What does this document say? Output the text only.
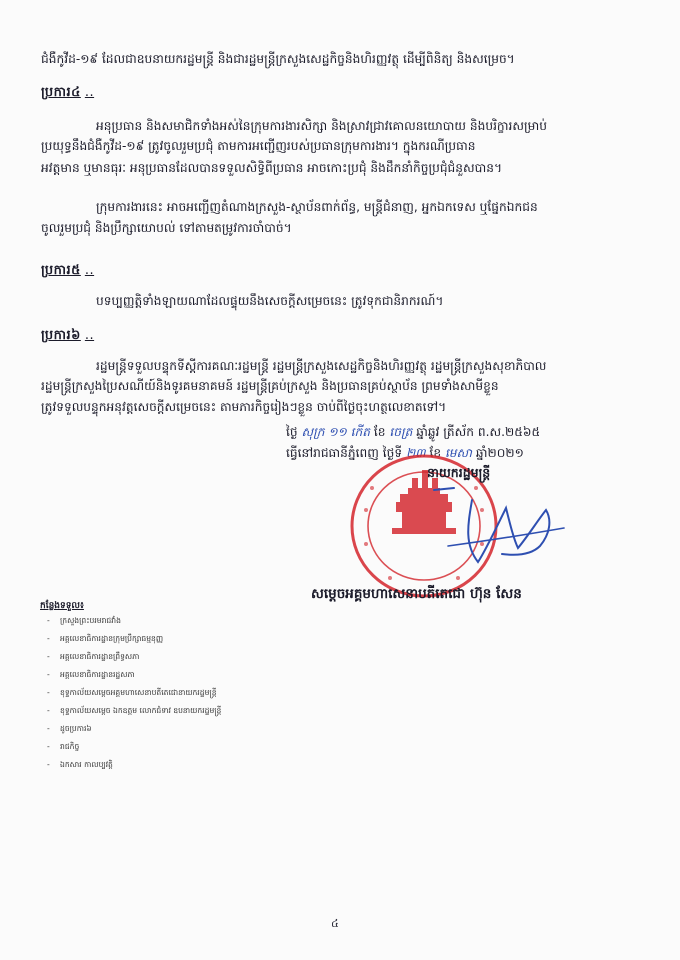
ជំងឺកូវីដ-១៩ ដែលជាឧបនាយករដ្ឋមន្ត្រី និងជារដ្ឋមន្ត្រីក្រសួងសេដ្ឋកិច្ចនិងហិរញ្ញវត្ថុ ដើម្បីពិនិត្យ និងសម្រេច។
ប្រការ៤ ..
អនុប្រធាន និងសមាជិកទាំងអស់នៃក្រុមការងារសិក្សា និងស្រាវជ្រាវគោលនយោបាយ និងបរិក្ខារសម្រាប់
ប្រយុទ្ធនឹងជំងឺកូវីដ-១៩ ត្រូវចូលរួមប្រជុំ តាមការអញ្ជើញរបស់ប្រធានក្រុមការងារ។ ក្នុងករណីប្រធាន
អវត្តមាន ឬមានធុរៈ អនុប្រធានដែលបានទទួលសិទ្ធិពីប្រធាន អាចកោះប្រជុំ និងដឹកនាំកិច្ចប្រជុំជំនួសបាន។
ក្រុមការងារនេះ អាចអញ្ជើញតំណាងក្រសួង-ស្ថាប័នពាក់ព័ន្ធ, មន្ត្រីជំនាញ, អ្នកឯកទេស ឬផ្នែកឯកជន
ចូលរួមប្រជុំ និងប្រឹក្សាយោបល់ ទៅតាមតម្រូវការចាំបាច់។
ប្រការ៥ ..
បទប្បញ្ញត្តិទាំងឡាយណាដែលផ្ទុយនឹងសេចក្តីសម្រេចនេះ ត្រូវទុកជានិរាករណ៍។
ប្រការ៦ ..
រដ្ឋមន្ត្រីទទួលបន្ទុកទីស្តីការគណៈរដ្ឋមន្ត្រី រដ្ឋមន្ត្រីក្រសួងសេដ្ឋកិច្ចនិងហិរញ្ញវត្ថុ រដ្ឋមន្ត្រីក្រសួងសុខាភិបាល
រដ្ឋមន្ត្រីក្រសួងប្រៃសណីយ៍និងទូរគមនាគមន៍ រដ្ឋមន្ត្រីគ្រប់ក្រសួង និងប្រធានគ្រប់ស្ថាប័ន ព្រមទាំងសាមីខ្លួន
ត្រូវទទួលបន្ទុកអនុវត្តសេចក្តីសម្រេចនេះ តាមភារកិច្ចរៀងៗខ្លួន ចាប់ពីថ្ងៃចុះហត្ថលេខាតទៅ។
ថ្ងៃ សុក្រ ១១ កើត ខែ ចេត្រ ឆ្នាំឆ្លូវ ត្រីស័ក ព.ស.២៥៦៥
ធ្វើនៅរាជធានីភ្នំពេញ ថ្ងៃទី ២៣ ខែ មេសា ឆ្នាំ២០២១
នាយករដ្ឋមន្ត្រី
សម្តេចអគ្គមហាសេនាបតីតេជោ ហ៊ុន សែន
កន្លែងទទួល៖
- ក្រសួងព្រះបរមរាជវាំង
- អគ្គលេខាធិការដ្ឋានក្រុមប្រឹក្សាធម្មនុញ្ញ
- អគ្គលេខាធិការដ្ឋានព្រឹទ្ធសភា
- អគ្គលេខាធិការដ្ឋានរដ្ឋសភា
- ខុទ្ទកាល័យសម្តេចអគ្គមហាសេនាបតីតេជោនាយករដ្ឋមន្ត្រី
- ខុទ្ទកាល័យសម្តេច ឯកឧត្តម លោកជំទាវ ឧបនាយករដ្ឋមន្ត្រី
- ដូចប្រការ៦
- រាជកិច្ច
- ឯកសារ កាលប្បវត្តិ
៤
